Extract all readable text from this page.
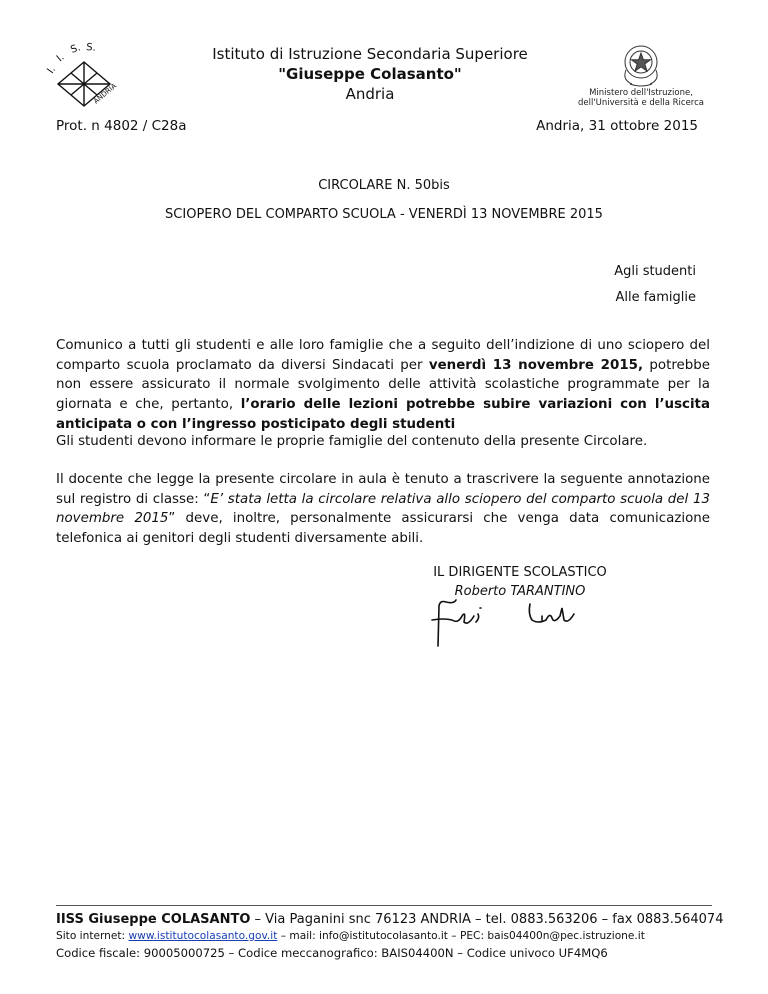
I.
I.
S. S.
ANDRIA
Istituto di Istruzione Secondaria Superiore
"Giuseppe Colasanto"
Andria	Ministero dell'Istruzione,
dell'Università e della Ricerca
Prot. n 4802 / C28a	Andria, 31 ottobre 2015
CIRCOLARE N. 50bis
SCIOPERO DEL COMPARTO SCUOLA - VENERDÌ 13 NOVEMBRE 2015
Agli studenti
Alle famiglie
Comunico a tutti gli studenti e alle loro famiglie che a seguito dell’indizione di uno sciopero del comparto scuola proclamato da diversi Sindacati per venerdì 13 novembre 2015, potrebbe non essere assicurato il normale svolgimento delle attività scolastiche programmate per la giornata e che, pertanto, l’orario delle lezioni potrebbe subire variazioni con l’uscita anticipata o con l’ingresso posticipato degli studenti
Gli studenti devono informare le proprie famiglie del contenuto della presente Circolare.
Il docente che legge la presente circolare in aula è tenuto a trascrivere la seguente annotazione sul registro di classe: “E’ stata letta la circolare relativa allo sciopero del comparto scuola del 13 novembre 2015” deve, inoltre, personalmente assicurarsi che venga data comunicazione telefonica ai genitori degli studenti diversamente abili.
IL DIRIGENTE SCOLASTICO
Roberto TARANTINO
IISS Giuseppe COLASANTO – Via Paganini snc 76123 ANDRIA – tel. 0883.563206 – fax 0883.564074
Sito internet: www.istitutocolasanto.gov.it – mail: info@istitutocolasanto.it – PEC: bais04400n@pec.istruzione.it
Codice fiscale: 90005000725 – Codice meccanografico: BAIS04400N – Codice univoco UF4MQ6
